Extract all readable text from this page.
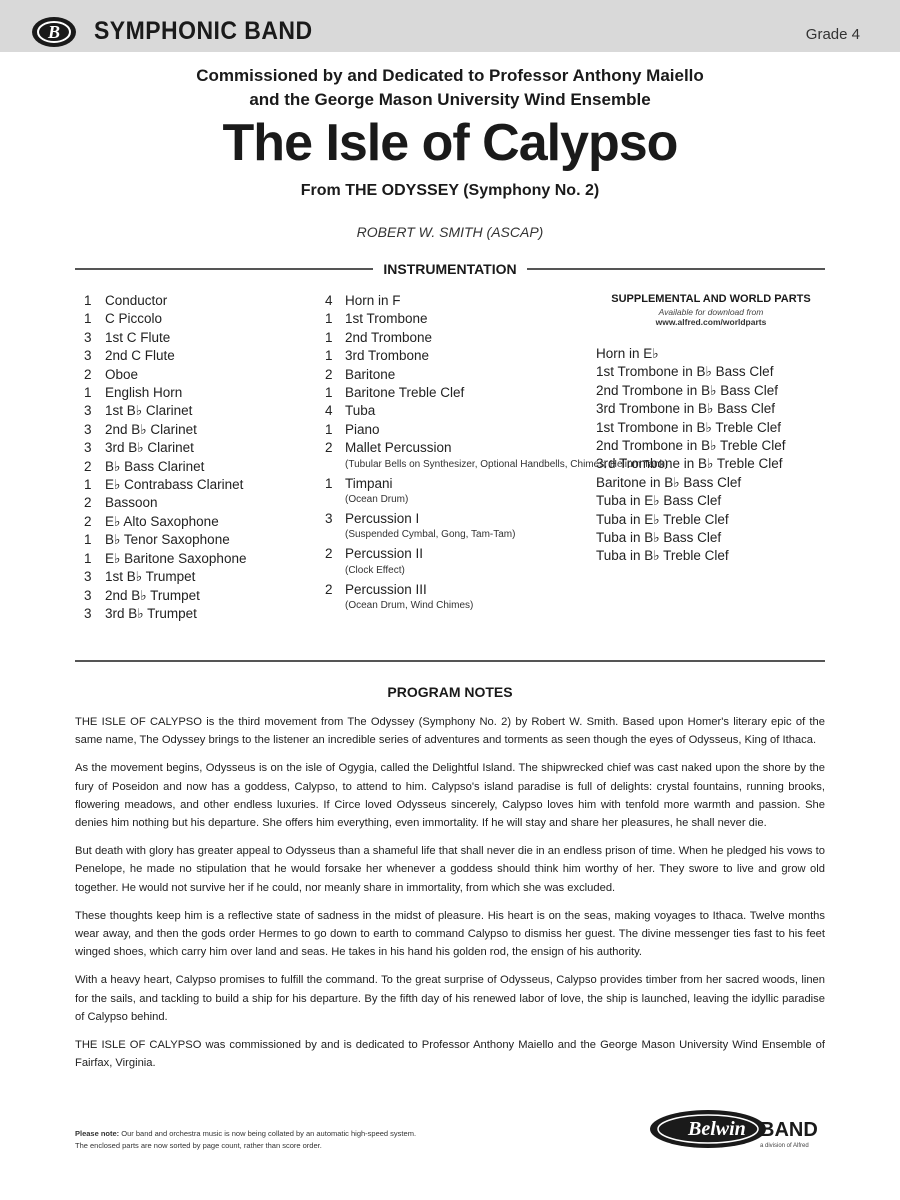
B SYMPHONIC BAND	Grade 4
Commissioned by and Dedicated to Professor Anthony Maiello
and the George Mason University Wind Ensemble
The Isle of Calypso
From THE ODYSSEY (Symphony No. 2)
ROBERT W. SMITH (ASCAP)
INSTRUMENTATION
1 Conductor
1 C Piccolo
3 1st C Flute
3 2nd C Flute
2 Oboe
1 English Horn
3 1st B♭ Clarinet
3 2nd B♭ Clarinet
3 3rd B♭ Clarinet
2 B♭ Bass Clarinet
1 E♭ Contrabass Clarinet
2 Bassoon
2 E♭ Alto Saxophone
1 B♭ Tenor Saxophone
1 E♭ Baritone Saxophone
3 1st B♭ Trumpet
3 2nd B♭ Trumpet
3 3rd B♭ Trumpet
4 Horn in F
1 1st Trombone
1 2nd Trombone
1 3rd Trombone
2 Baritone
1 Baritone Treble Clef
4 Tuba
1 Piano
2 Mallet Percussion
(Tubular Bells on Synthesizer, Optional Handbells, Chimes, Helium Tank)
1 Timpani
(Ocean Drum)
3 Percussion I
(Suspended Cymbal, Gong, Tam-Tam)
2 Percussion II
(Clock Effect)
2 Percussion III
(Ocean Drum, Wind Chimes)
SUPPLEMENTAL AND WORLD PARTS
Available for download from
www.alfred.com/worldparts
Horn in E♭
1st Trombone in B♭ Bass Clef
2nd Trombone in B♭ Bass Clef
3rd Trombone in B♭ Bass Clef
1st Trombone in B♭ Treble Clef
2nd Trombone in B♭ Treble Clef
3rd Trombone in B♭ Treble Clef
Baritone in B♭ Bass Clef
Tuba in E♭ Bass Clef
Tuba in E♭ Treble Clef
Tuba in B♭ Bass Clef
Tuba in B♭ Treble Clef
PROGRAM NOTES

THE ISLE OF CALYPSO is the third movement from The Odyssey (Symphony No. 2) by Robert W. Smith. Based upon Homer's literary epic of the same name, The Odyssey brings to the listener an incredible series of adventures and torments as seen though the eyes of Odysseus, King of Ithaca.

As the movement begins, Odysseus is on the isle of Ogygia, called the Delightful Island. The shipwrecked chief was cast naked upon the shore by the fury of Poseidon and now has a goddess, Calypso, to attend to him. Calypso's island paradise is full of delights: crystal fountains, running brooks, flowering meadows, and other endless luxuries. If Circe loved Odysseus sincerely, Calypso loves him with tenfold more warmth and passion. She denies him nothing but his departure. She offers him everything, even immortality. If he will stay and share her pleasures, he shall never die.

But death with glory has greater appeal to Odysseus than a shameful life that shall never die in an endless prison of time. When he pledged his vows to Penelope, he made no stipulation that he would forsake her whenever a goddess should think him worthy of her. They swore to live and grow old together. He would not survive her if he could, nor meanly share in immortality, from which she was excluded.

These thoughts keep him is a reflective state of sadness in the midst of pleasure. His heart is on the seas, making voyages to Ithaca. Twelve months wear away, and then the gods order Hermes to go down to earth to command Calypso to dismiss her guest. The divine messenger ties fast to his feet winged shoes, which carry him over land and seas. He takes in his hand his golden rod, the ensign of his authority.

With a heavy heart, Calypso promises to fulfill the command. To the great surprise of Odysseus, Calypso provides timber from her sacred woods, linen for the sails, and tackling to build a ship for his departure. By the fifth day of his renewed labor of love, the ship is launched, leaving the idyllic paradise of Calypso behind.

THE ISLE OF CALYPSO was commissioned by and is dedicated to Professor Anthony Maiello and the George Mason University Wind Ensemble of Fairfax, Virginia.

Please note: Our band and orchestra music is now being collated by an automatic high-speed system.
The enclosed parts are now sorted by page count, rather than score order.
Belwin BAND
a division of Alfred
